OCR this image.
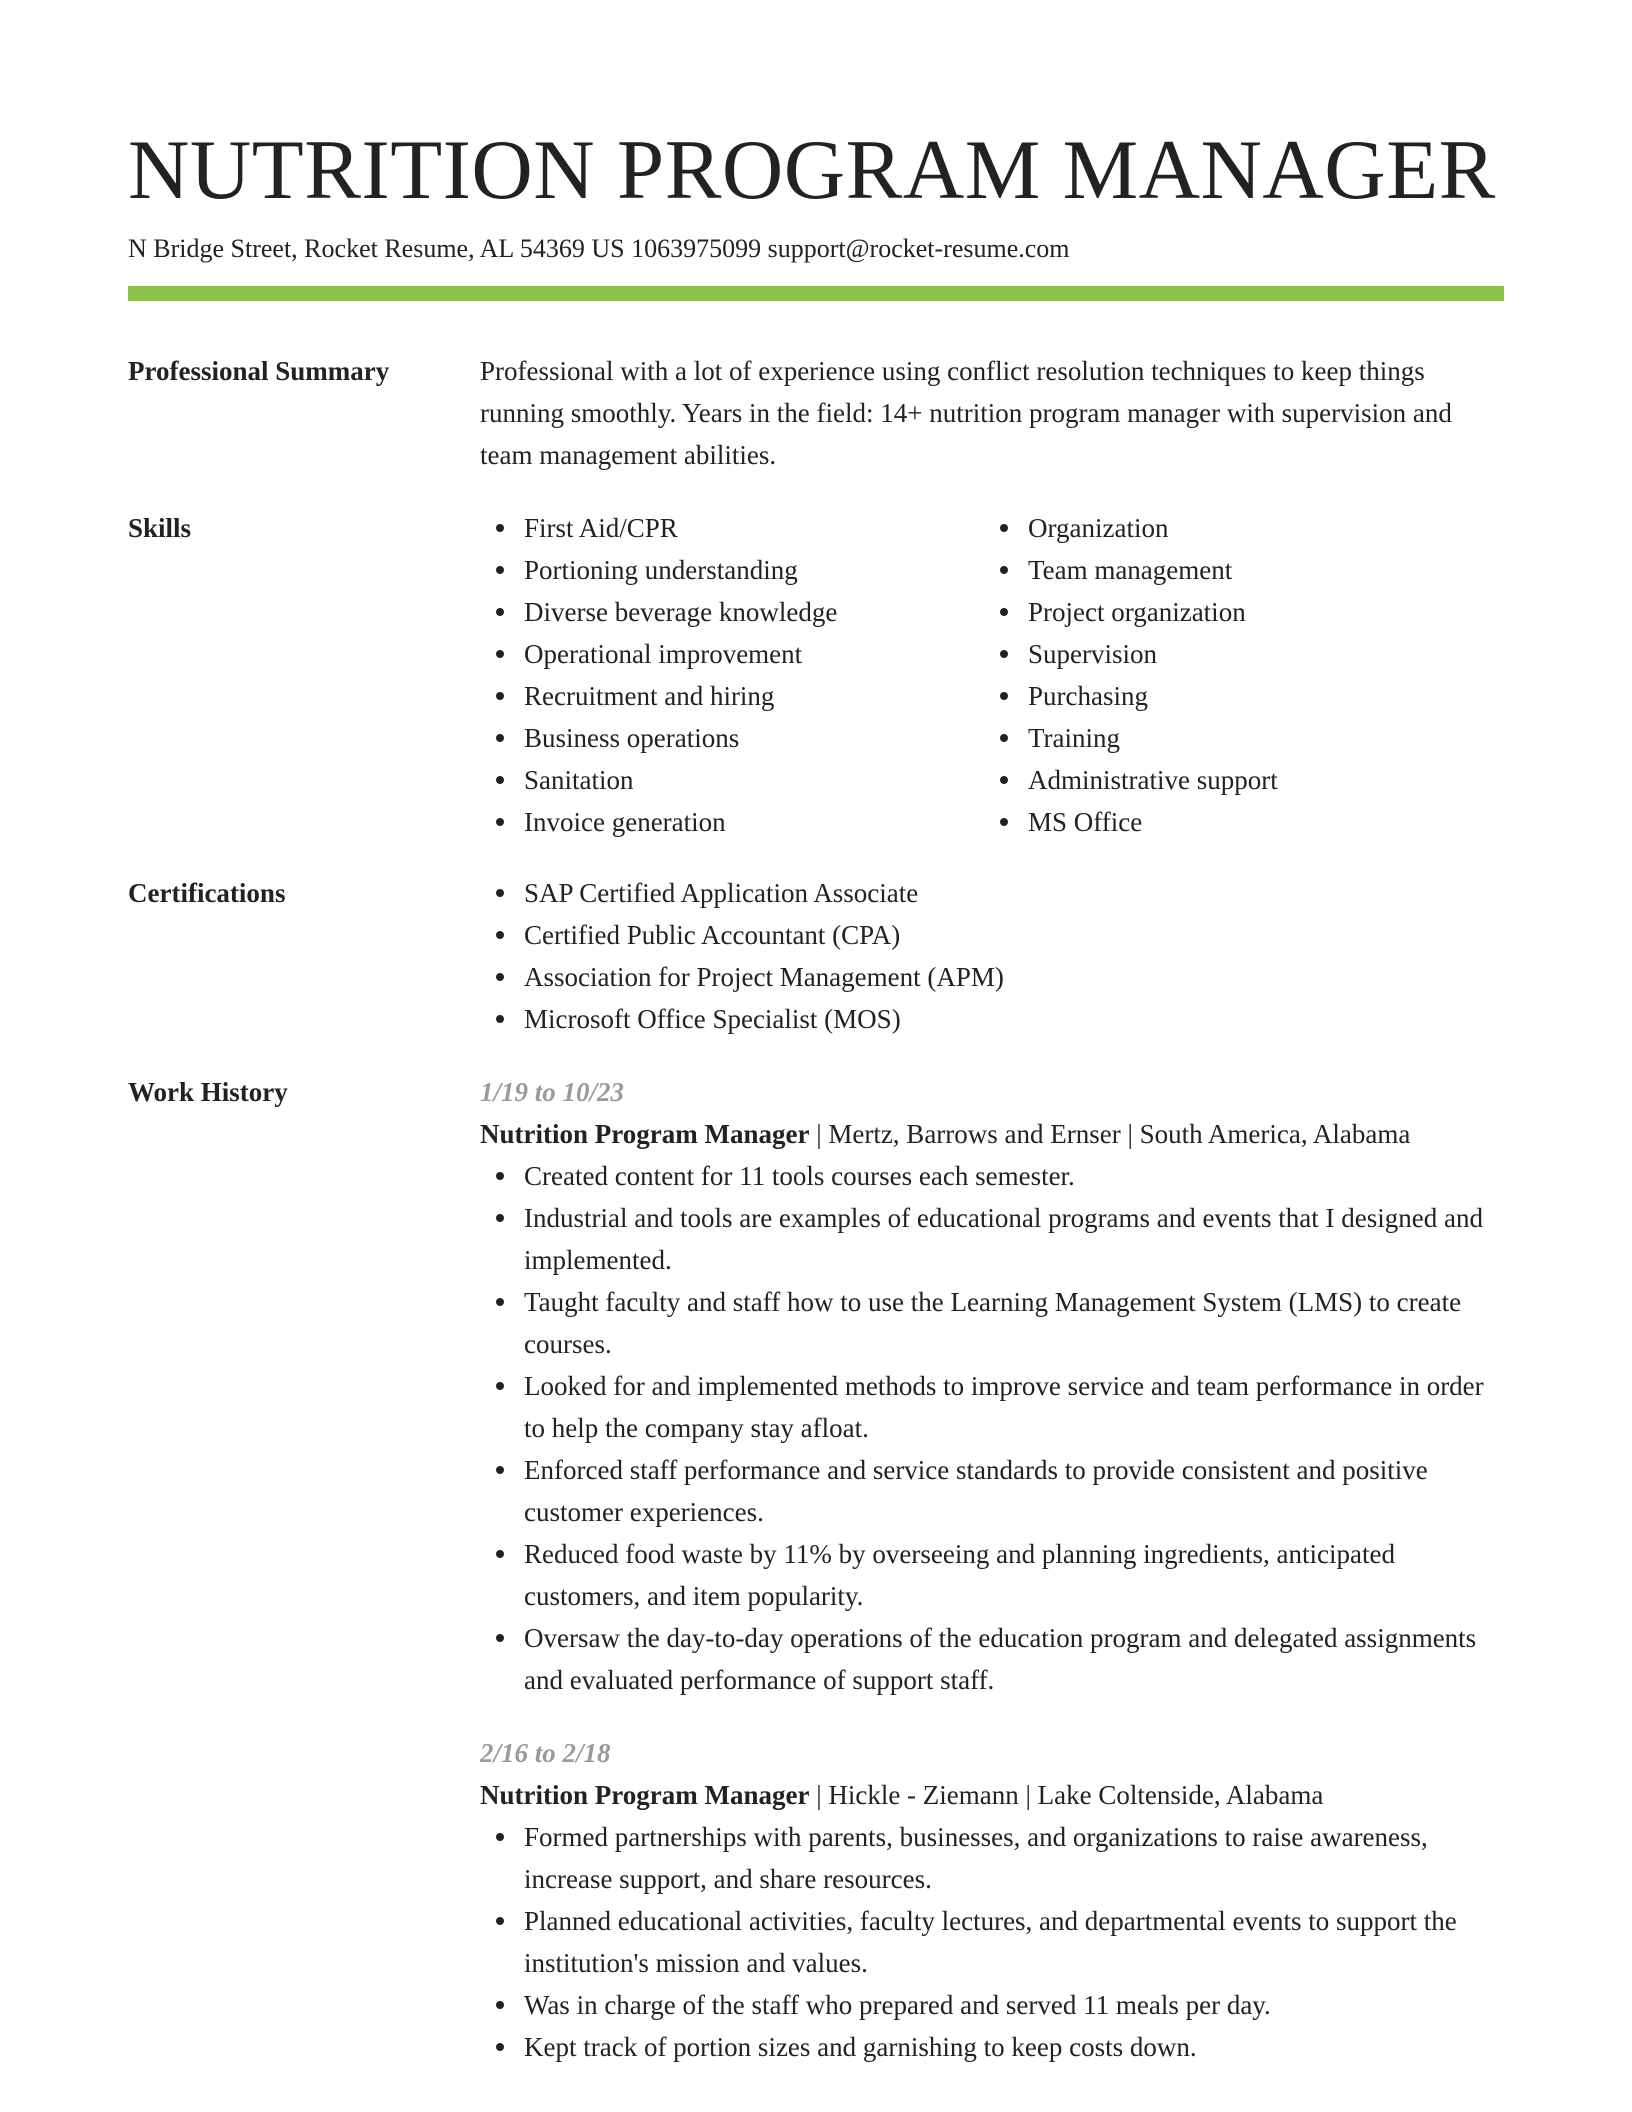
NUTRITION PROGRAM MANAGER
N Bridge Street, Rocket Resume, AL 54369 US 1063975099 support@rocket-resume.com
Professional Summary	Professional with a lot of experience using conflict resolution techniques to keep things running smoothly. Years in the field: 14+ nutrition program manager with supervision and team management abilities.

Skills	First Aid/CPR
Portioning understanding
Diverse beverage knowledge
Operational improvement
Recruitment and hiring
Business operations
Sanitation
Invoice generation
Organization
Team management
Project organization
Supervision
Purchasing
Training
Administrative support
MS Office
Certifications	SAP Certified Application Associate
Certified Public Accountant (CPA)
Association for Project Management (APM)
Microsoft Office Specialist (MOS)
Work History	1/19 to 10/23
Nutrition Program Manager | Mertz, Barrows and Ernser | South America, Alabama
Created content for 11 tools courses each semester.
Industrial and tools are examples of educational programs and events that I designed and implemented.
Taught faculty and staff how to use the Learning Management System (LMS) to create courses.
Looked for and implemented methods to improve service and team performance in order to help the company stay afloat.
Enforced staff performance and service standards to provide consistent and positive customer experiences.
Reduced food waste by 11% by overseeing and planning ingredients, anticipated customers, and item popularity.
Oversaw the day-to-day operations of the education program and delegated assignments and evaluated performance of support staff.
2/16 to 2/18
Nutrition Program Manager | Hickle - Ziemann | Lake Coltenside, Alabama
Formed partnerships with parents, businesses, and organizations to raise awareness, increase support, and share resources.
Planned educational activities, faculty lectures, and departmental events to support the institution's mission and values.
Was in charge of the staff who prepared and served 11 meals per day.
Kept track of portion sizes and garnishing to keep costs down.
